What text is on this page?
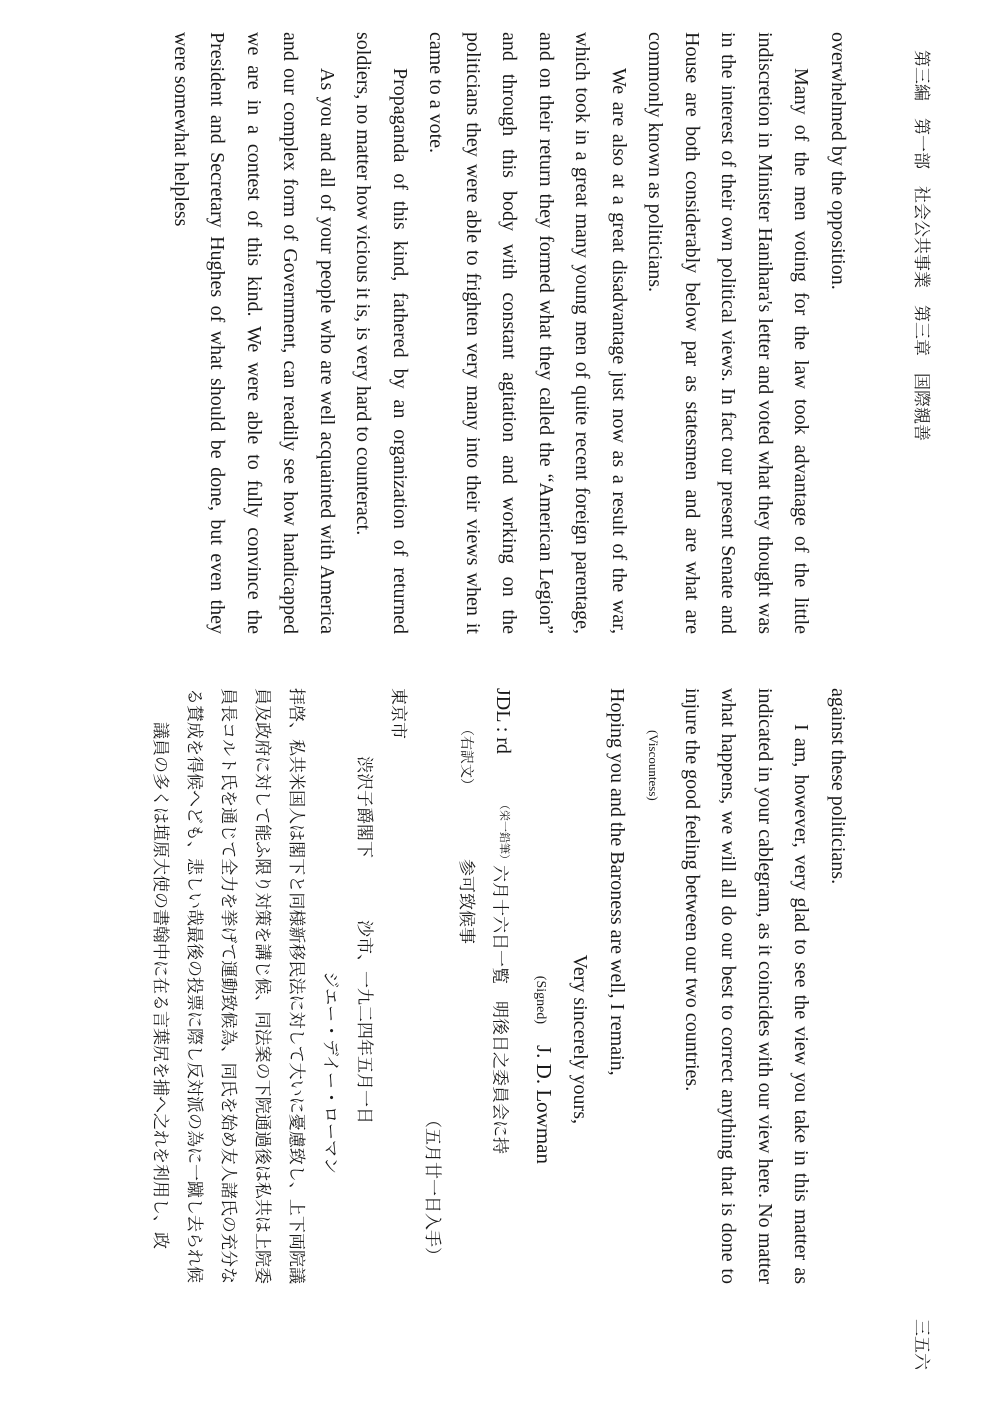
第三編　第一部　社会公共事業　第三章　国際親善
三五六

overwhelmed by the opposition.

Many of the men voting for the law took advantage of the little indiscretion in Minister Hanihara's letter and voted what they thought was in the interest of their own political views. In fact our present Senate and House are both considerably below par as statesmen and are what are commonly known as politicians.

We are also at a great disadvantage just now as a result of the war, which took in a great many young men of quite recent foreign parentage, and on their return they formed what they called the “American Legion” and through this body with constant agitation and working on the politicians they were able to frighten very many into their views when it came to a vote.

Propaganda of this kind, fathered by an organization of returned soldiers, no matter how vicious it is, is very hard to counteract.

As you and all of your people who are well acquainted with America and our complex form of Government, can readily see how handicapped we are in a contest of this kind. We were able to fully convince the President and Secretary Hughes of what should be done, but even they were somewhat helpless

against these politicians.

I am, however, very glad to see the view you take in this matter as indicated in your cablegram, as it coincides with our view here. No matter what happens, we will all do our best to correct anything that is done to injure the good feeling between our two countries.

(Viscountess)
Hoping you and the Baroness are well, I remain,

Very sincerely yours,
(Signed) J. D. Lowman
JDL : rd
$^{(栄一鉛筆)}$六月十六日一覧　明後日之委員会に持
（右訳文）
参可致候事
（五月廿一日入手）
東京市
渋沢子爵閣下
沙市、一九二四年五月一日
ジエー・デイー・ローマン

拝啓、私共米国人は閣下と同様新移民法に対して大いに憂慮致し、上下両院議員及政府に対して能ふ限り対策を講じ候、同法案の下院通過後は私共は上院委員長コルト氏を通じて全力を挙げて運動致候為、同氏を始め友人諸氏の充分なる賛成を得候へども、悲しい哉最後の投票に際し反対派の為に一蹴し去られ候

議員の多くは埴原大使の書翰中に在る言葉尻を捕へ之れを利用し、政
